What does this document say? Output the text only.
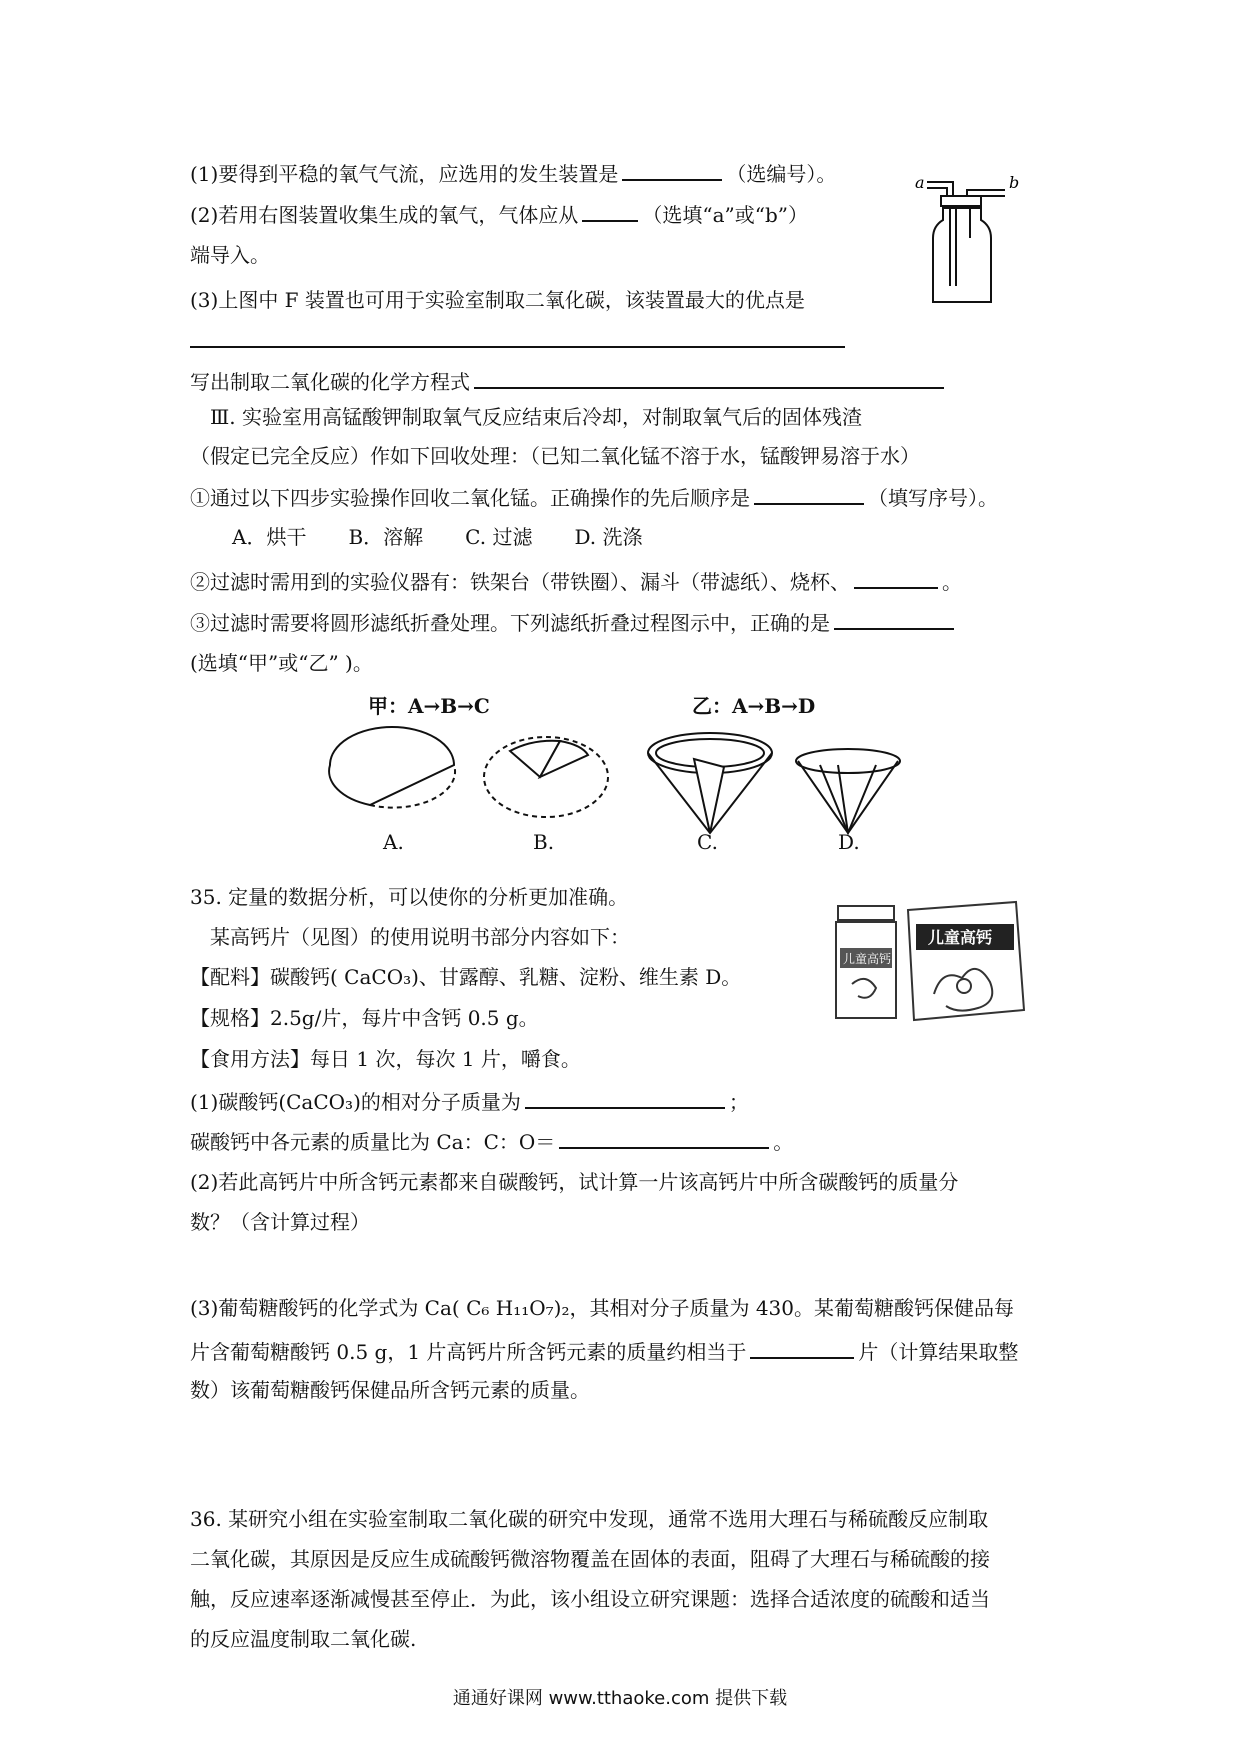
(1)要得到平稳的氧气气流，应选用的发生装置是	（选编号）。
(2)若用右图装置收集生成的氧气，气体应从	（选填“a”或“b”）
端导入。
(3)上图中 F 装置也可用于实验室制取二氧化碳，该装置最大的优点是
写出制取二氧化碳的化学方程式
a	b
Ⅲ. 实验室用高锰酸钾制取氧气反应结束后冷却，对制取氧气后的固体残渣
（假定已完全反应）作如下回收处理：（已知二氧化锰不溶于水，锰酸钾易溶于水）
①通过以下四步实验操作回收二氧化锰。正确操作的先后顺序是	（填写序号）。
A．烘干 B．溶解 C. 过滤 D. 洗涤
②过滤时需用到的实验仪器有：铁架台（带铁圈）、漏斗（带滤纸）、烧杯、	。
③过滤时需要将圆形滤纸折叠处理。下列滤纸折叠过程图示中，正确的是
(选填“甲”或“乙” )。
甲：A→B→C	乙：A→B→D
A.	B.	C.	D.
35. 定量的数据分析，可以使你的分析更加准确。
某高钙片（见图）的使用说明书部分内容如下：
【配料】碳酸钙( CaCO₃)、甘露醇、乳糖、淀粉、维生素 D。
【规格】2.5g/片，每片中含钙 0.5 g。
【食用方法】每日 1 次，每次 1 片，嚼食。
儿童高钙
儿童高钙
(1)碳酸钙(CaCO₃)的相对分子质量为	；
碳酸钙中各元素的质量比为 Ca：C：O＝	。
(2)若此高钙片中所含钙元素都来自碳酸钙，试计算一片该高钙片中所含碳酸钙的质量分
数？（含计算过程）
(3)葡萄糖酸钙的化学式为 Ca( C₆ H₁₁O₇)₂，其相对分子质量为 430。某葡萄糖酸钙保健品每
片含葡萄糖酸钙 0.5 g，1 片高钙片所含钙元素的质量约相当于	片（计算结果取整
数）该葡萄糖酸钙保健品所含钙元素的质量。
36. 某研究小组在实验室制取二氧化碳的研究中发现，通常不选用大理石与稀硫酸反应制取
二氧化碳，其原因是反应生成硫酸钙微溶物覆盖在固体的表面，阻碍了大理石与稀硫酸的接
触，反应速率逐渐减慢甚至停止．为此，该小组设立研究课题：选择合适浓度的硫酸和适当
的反应温度制取二氧化碳.
通通好课网 www.tthaoke.com 提供下载
